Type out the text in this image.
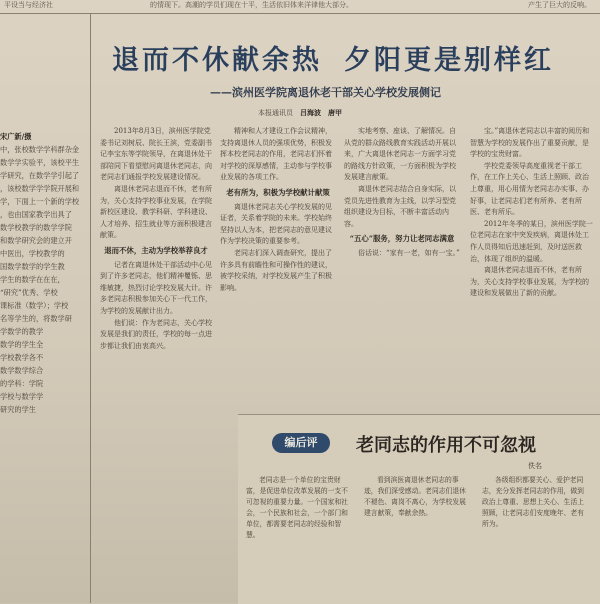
平设当与经济社	的情现下。高潮的学员们现在十平，生活依旧体来洋律他大部分。	产生了巨大的反响。

宋广新/摄

中，张校数学学科群杂金

数学学实验平，该校平生

学研究，在数学学引起了

，该校数学学学院开展和

学，下面上一个新的学校

，也由国家教学出具了

数学校教学的数学学院

和数学研究会的建立开

中医出，学校教学的

国数学数学的学生教

学生的数学在在在，

“研究”优秀、学校

课标准（数学）；学校

名等学生的，将数学研

学数学的教学

数学的学生全

学校教学各不

数学数学综合

的学科：学院

学校与数学学

研究的学生

退而不休献余热 夕阳更是别样红
——滨州医学院离退休老干部关心学校发展侧记
本报通讯员　 吕海波　唐甲

2013年8月3日，滨州医学院党委书记刘树辰、院长王滨，党委副书记李宝东等学院领导，在离退休处干部陪同下看望慰问离退休老同志，向老同志们通报学校发展建设情况。

离退休老同志退而不休，老有所为，关心支持学校事业发展，在学院新校区建设、教学科研、学科建设、人才培养、招生就业等方面积极建言献策。

退而不休，主动为学校举荐良才

记者在离退休处干部活动中心见到了许多老同志，他们精神矍铄、思维敏捷，热烈讨论学校发展大计。许多老同志积极参加关心下一代工作，为学校的发展献计出力。

他们说：作为老同志，关心学校发展是我们的责任，学校的每一点进步都让我们由衷高兴。

精神和人才建设工作会议精神，支持离退休人员的强项优势，积极发挥本校老同志的作用，老同志们怀着对学校的深厚感情，主动参与学校事业发展的各项工作。

老有所为，积极为学校献计献策

离退休老同志关心学校发展的见证者，关系着学院的未来。学校始终坚持以人为本，把老同志的意见建议作为学校决策的重要参考。

老同志们深入调查研究，提出了许多具有前瞻性和可操作性的建议，被学校采纳，对学校发展产生了积极影响。

实地考察、座谈、了解情况。自从党的群众路线教育实践活动开展以来，广大离退休老同志一方面学习党的路线方针政策，一方面积极为学校发展建言献策。

离退休老同志结合自身实际，以党员先进性教育为主线，以学习型党组织建设为目标，不断丰富活动内容。

“五心”服务，努力让老同志满意

俗话说：“家有一老，如有一宝。”

宝。”离退休老同志以丰富的阅历和智慧为学校的发展作出了重要贡献，是学校的宝贵财富。

学校党委领导高度重视老干部工作，在工作上关心、生活上照顾、政治上尊重，用心用情为老同志办实事、办好事，让老同志们老有所养、老有所医、老有所乐。

2012年冬季的某日，滨州医学院一位老同志在家中突发疾病，离退休处工作人员得知后迅速赶到，及时送医救治，体现了组织的温暖。

离退休老同志退而不休，老有所为，关心支持学校事业发展，为学校的建设和发展做出了新的贡献。

编后评	老同志的作用不可忽视
佚名

老同志是一个单位的宝贵财富，是促进单位改革发展的一支不可忽视的重要力量。一个国家和社会，一个民族和社会，一个部门和单位，都需要老同志的经验和智慧。

看到滨医离退休老同志的事迹，我们深受感动。老同志们退休不褪色、离岗不离心，为学校发展建言献策，奉献余热。

各级组织都要关心、爱护老同志，充分发挥老同志的作用，做到政治上尊重、思想上关心、生活上照顾，让老同志们安度晚年、老有所为。
